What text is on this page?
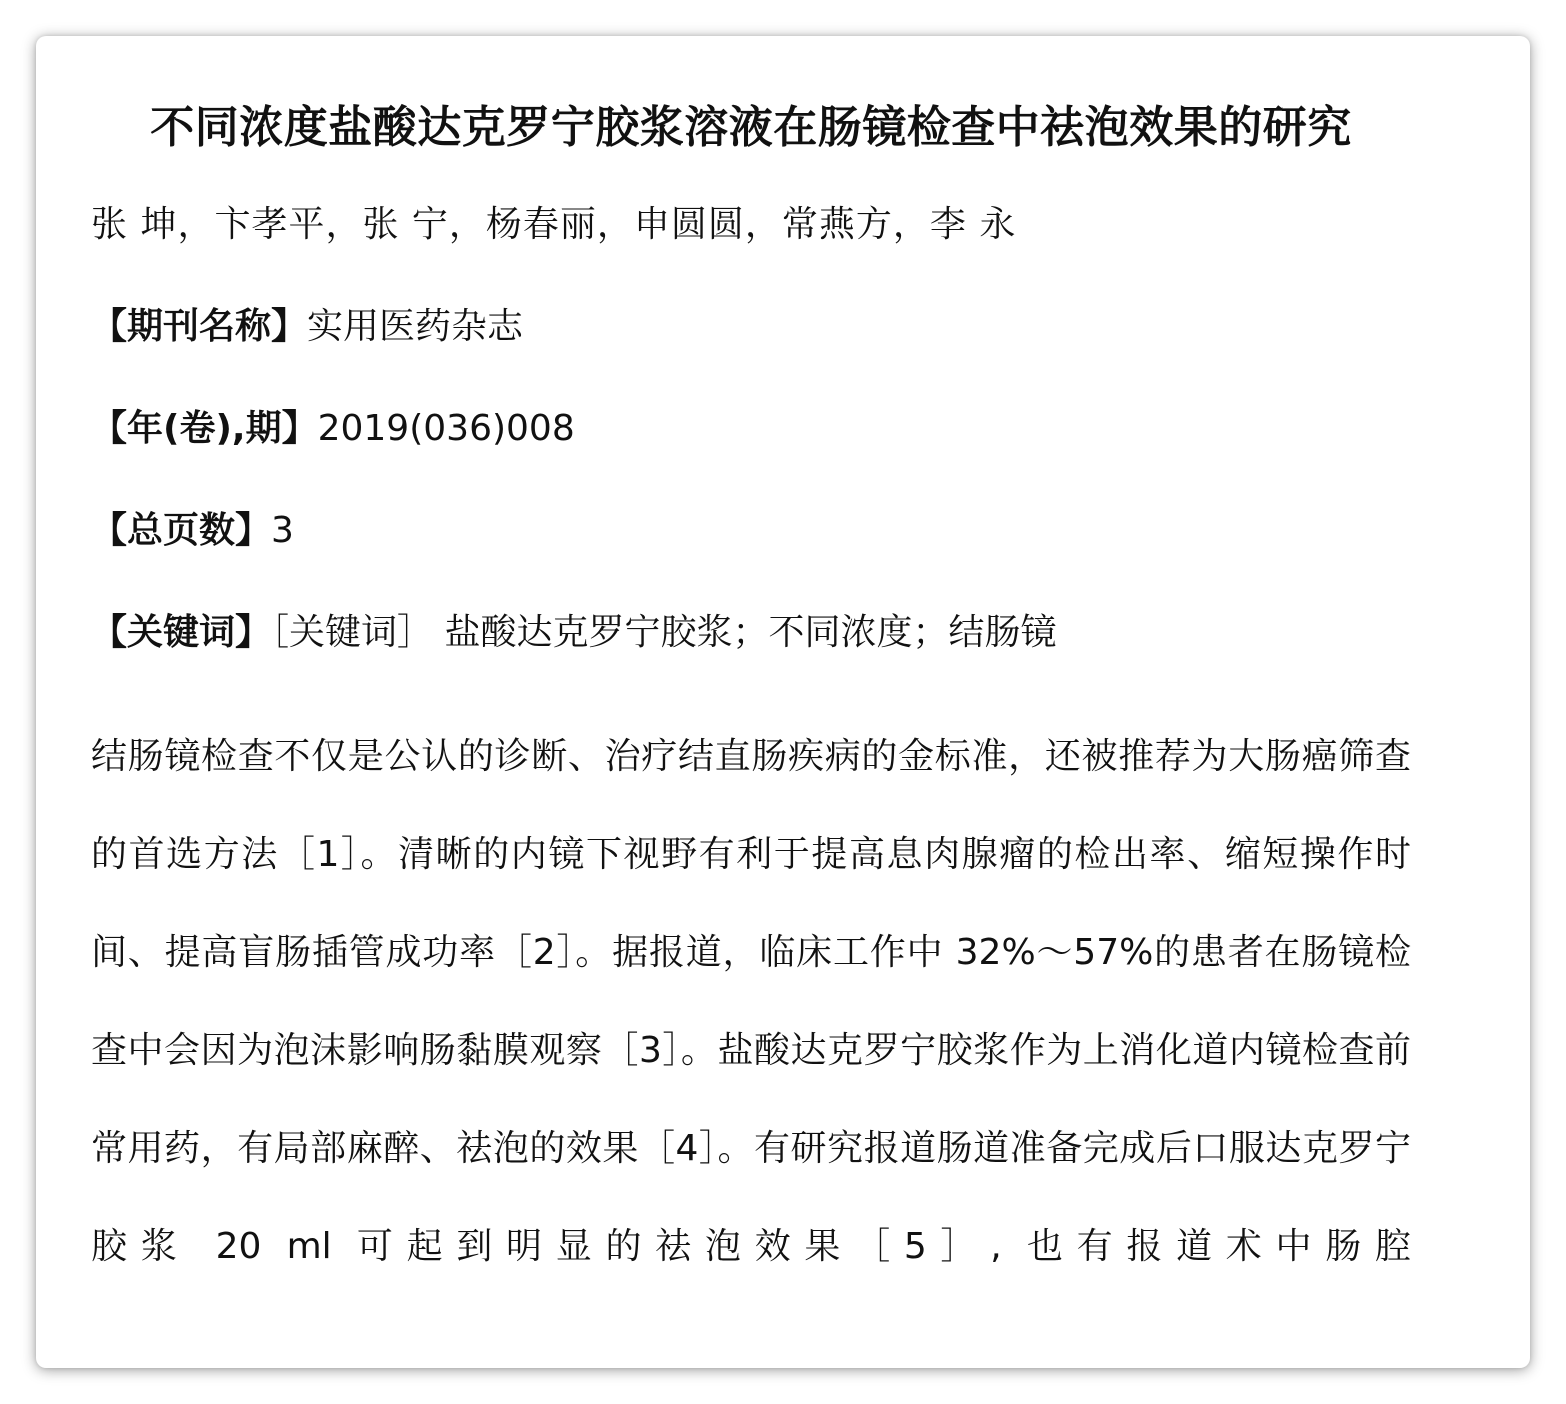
不同浓度盐酸达克罗宁胶浆溶液在肠镜检查中祛泡效果的研究
张 坤，卞孝平，张 宁，杨春丽，申圆圆，常燕方，李 永
【期刊名称】实用医药杂志
【年(卷),期】2019(036)008
【总页数】3
【关键词】［关键词］ 盐酸达克罗宁胶浆；不同浓度；结肠镜

结肠镜检查不仅是公认的诊断、治疗结直肠疾病的金标准，还被推荐为大肠癌筛查的首选方法［1］。清晰的内镜下视野有利于提高息肉腺瘤的检出率、缩短操作时间、提高盲肠插管成功率［2］。据报道，临床工作中 32%～57%的患者在肠镜检查中会因为泡沫影响肠黏膜观察［3］。盐酸达克罗宁胶浆作为上消化道内镜检查前常用药，有局部麻醉、祛泡的效果［4］。有研究报道肠道准备完成后口服达克罗宁胶浆 20 ml 可起到明显的祛泡效果［5］, 也有报道术中肠腔
